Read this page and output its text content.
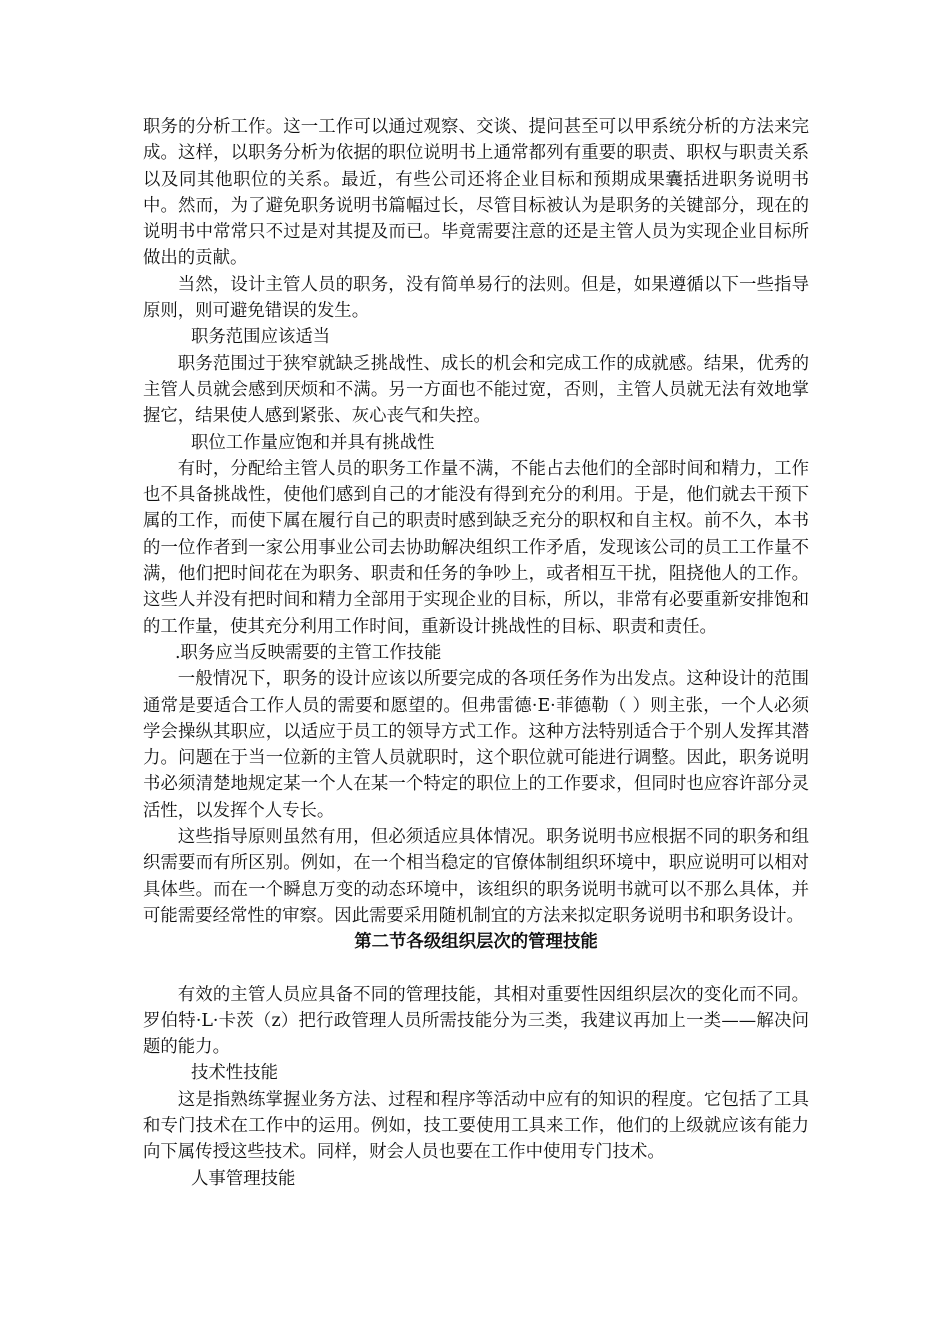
职务的分析工作。这一工作可以通过观察、交谈、提问甚至可以甲系统分析的方法来完成。这样，以职务分析为依据的职位说明书上通常都列有重要的职责、职权与职责关系以及同其他职位的关系。最近，有些公司还将企业目标和预期成果囊括进职务说明书中。然而，为了避免职务说明书篇幅过长，尽管目标被认为是职务的关键部分，现在的说明书中常常只不过是对其提及而已。毕竟需要注意的还是主管人员为实现企业目标所做出的贡献。

当然，设计主管人员的职务，没有简单易行的法则。但是，如果遵循以下一些指导原则，则可避免错误的发生。

职务范围应该适当

职务范围过于狭窄就缺乏挑战性、成长的机会和完成工作的成就感。结果，优秀的主管人员就会感到厌烦和不满。另一方面也不能过宽，否则，主管人员就无法有效地掌握它，结果使人感到紧张、灰心丧气和失控。

职位工作量应饱和并具有挑战性

有时，分配给主管人员的职务工作量不满，不能占去他们的全部时间和精力，工作也不具备挑战性，使他们感到自己的才能没有得到充分的利用。于是，他们就去干预下属的工作，而使下属在履行自己的职责时感到缺乏充分的职权和自主权。前不久，本书的一位作者到一家公用事业公司去协助解决组织工作矛盾，发现该公司的员工工作量不满，他们把时间花在为职务、职责和任务的争吵上，或者相互干扰，阻挠他人的工作。这些人并没有把时间和精力全部用于实现企业的目标，所以，非常有必要重新安排饱和的工作量，使其充分利用工作时间，重新设计挑战性的目标、职责和责任。

.职务应当反映需要的主管工作技能

一般情况下，职务的设计应该以所要完成的各项任务作为出发点。这种设计的范围通常是要适合工作人员的需要和愿望的。但弗雷德·E·菲德勒（ ）则主张，一个人必须学会操纵其职应，以适应于员工的领导方式工作。这种方法特别适合于个别人发挥其潜力。问题在于当一位新的主管人员就职时，这个职位就可能进行调整。因此，职务说明书必须清楚地规定某一个人在某一个特定的职位上的工作要求，但同时也应容许部分灵活性，以发挥个人专长。

这些指导原则虽然有用，但必须适应具体情况。职务说明书应根据不同的职务和组织需要而有所区别。例如，在一个相当稳定的官僚体制组织环境中，职应说明可以相对具体些。而在一个瞬息万变的动态环境中，该组织的职务说明书就可以不那么具体，并可能需要经常性的审察。因此需要采用随机制宜的方法来拟定职务说明书和职务设计。

第二节各级组织层次的管理技能

有效的主管人员应具备不同的管理技能，其相对重要性因组织层次的变化而不同。罗伯特·L·卡茨（z）把行政管理人员所需技能分为三类，我建议再加上一类——解决问题的能力。

技术性技能

这是指熟练掌握业务方法、过程和程序等活动中应有的知识的程度。它包括了工具和专门技术在工作中的运用。例如，技工要使用工具来工作，他们的上级就应该有能力向下属传授这些技术。同样，财会人员也要在工作中使用专门技术。

人事管理技能
